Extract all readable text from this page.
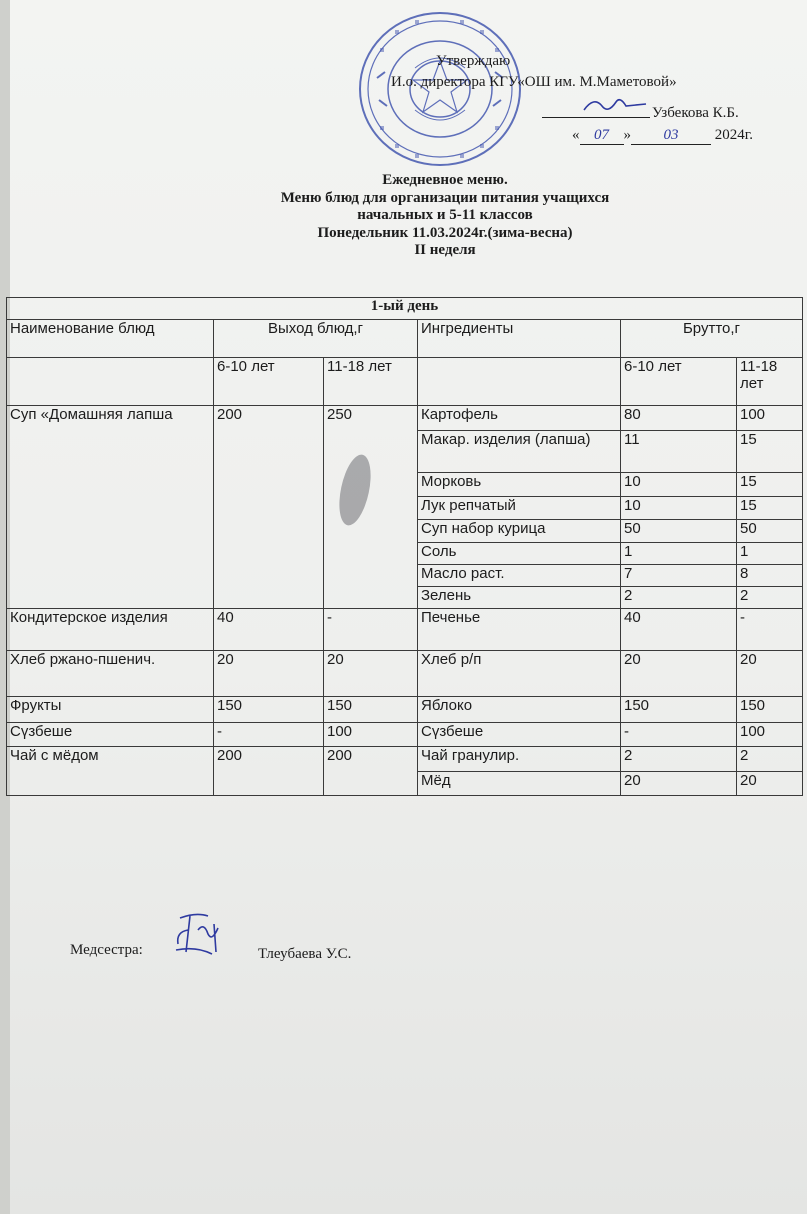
Утверждаю
И.о. директора КГУ«ОШ им. М.Маметовой»
Узбекова К.Б.
« 07 » 03 2024г.
Ежедневное меню.
Меню блюд для организации питания учащихся
начальных и 5-11 классов
Понедельник 11.03.2024г.(зима-весна)
II неделя
1-ый день					
Наименование блюд	Выход блюд,г		Ингредиенты	Брутто,г	
	6-10 лет	11-18 лет		6-10 лет	11-18 лет
Суп «Домашняя лапша	200	250	Картофель	80	100
			Макар. изделия (лапша)	11	15
			Морковь	10	15
			Лук репчатый	10	15
			Суп набор курица	50	50
			Соль	1	1
			Масло раст.	7	8
			Зелень	2	2
Кондитерское изделия	40	-	Печенье	40	-
Хлеб ржано-пшенич.	20	20	Хлеб р/п	20	20
Фрукты	150	150	Яблоко	150	150
Сүзбеше	-	100	Сүзбеше	-	100
Чай с мёдом	200	200	Чай гранулир.	2	2
			Мёд	20	20
Медсестра:	Тлеубаева У.С.
